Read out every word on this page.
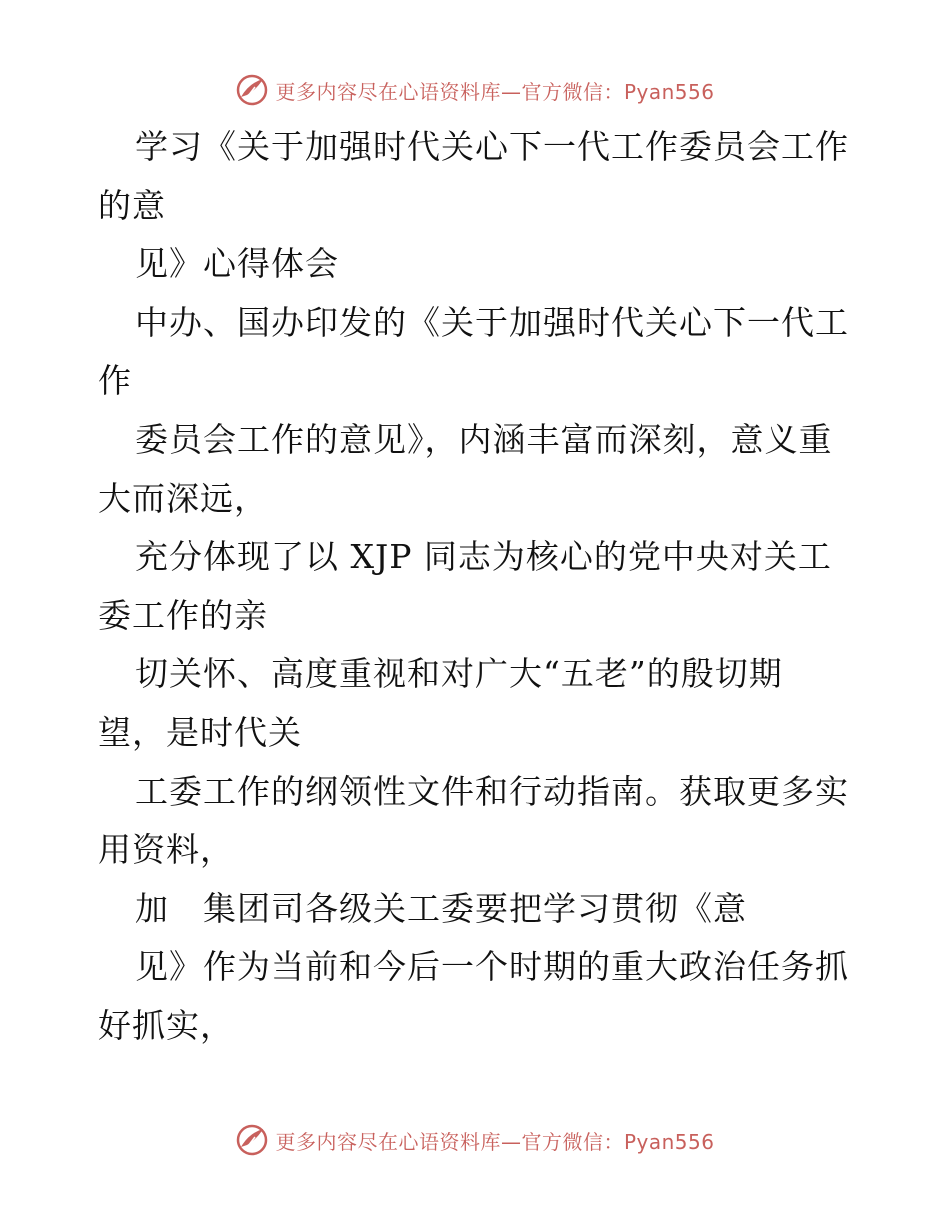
更多内容尽在心语资料库—官方微信：Pyan556
学习《关于加强时代关心下一代工作委员会工作
的意
见》心得体会
中办、国办印发的《关于加强时代关心下一代工
作
委员会工作的意见》，内涵丰富而深刻，意义重
大而深远，
充分体现了以 XJP 同志为核心的党中央对关工
委工作的亲
切关怀、高度重视和对广大“五老”的殷切期
望，是时代关
工委工作的纲领性文件和行动指南。获取更多实
用资料，
加　集团司各级关工委要把学习贯彻《意
见》作为当前和今后一个时期的重大政治任务抓
好抓实，
更多内容尽在心语资料库—官方微信：Pyan556
